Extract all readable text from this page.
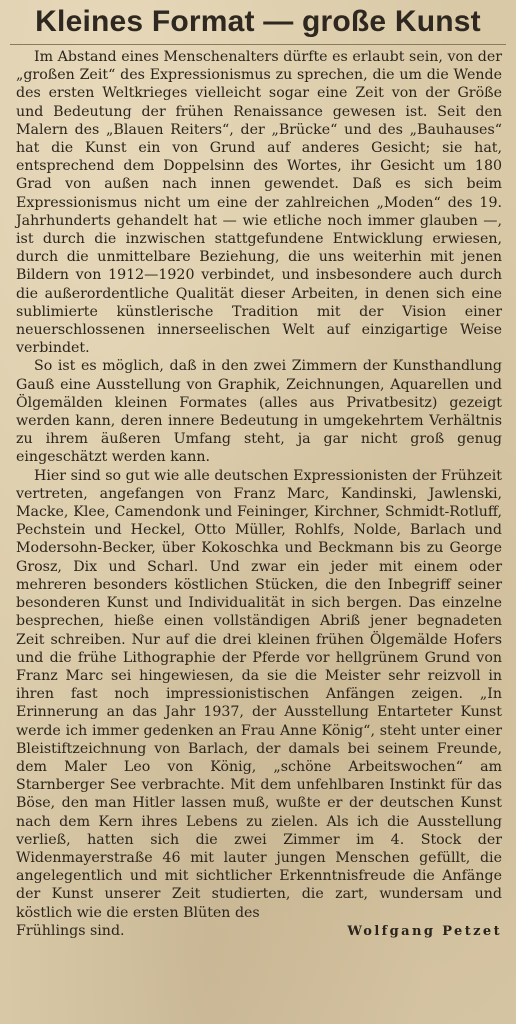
Kleines Format — große Kunst

Im Abstand eines Menschenalters dürfte es erlaubt sein, von der „großen Zeit“ des Expressionismus zu sprechen, die um die Wende des ersten Weltkrieges vielleicht sogar eine Zeit von der Größe und Bedeutung der frühen Renaissance gewesen ist. Seit den Malern des „Blauen Reiters“, der „Brücke“ und des „Bauhauses“ hat die Kunst ein von Grund auf anderes Gesicht; sie hat, entsprechend dem Doppelsinn des Wortes, ihr Gesicht um 180 Grad von außen nach innen gewendet. Daß es sich beim Expressionismus nicht um eine der zahlreichen „Moden“ des 19. Jahrhunderts gehandelt hat — wie etliche noch immer glauben —, ist durch die inzwischen stattgefundene Entwicklung erwiesen, durch die unmittelbare Beziehung, die uns weiterhin mit jenen Bildern von 1912—1920 verbindet, und insbesondere auch durch die außerordentliche Qualität dieser Arbeiten, in denen sich eine sublimierte künstlerische Tradition mit der Vision einer neuerschlossenen innerseelischen Welt auf einzigartige Weise verbindet.

So ist es möglich, daß in den zwei Zimmern der Kunsthandlung Gauß eine Ausstellung von Graphik, Zeichnungen, Aquarellen und Ölgemälden kleinen Formates (alles aus Privatbesitz) gezeigt werden kann, deren innere Bedeutung in umgekehrtem Verhältnis zu ihrem äußeren Umfang steht, ja gar nicht groß genug eingeschätzt werden kann.

Hier sind so gut wie alle deutschen Expressionisten der Frühzeit vertreten, angefangen von Franz Marc, Kandinski, Jawlenski, Macke, Klee, Camendonk und Feininger, Kirchner, Schmidt-Rotluff, Pechstein und Heckel, Otto Müller, Rohlfs, Nolde, Barlach und Modersohn-Becker, über Kokoschka und Beckmann bis zu George Grosz, Dix und Scharl. Und zwar ein jeder mit einem oder mehreren besonders köstlichen Stücken, die den Inbegriff seiner besonderen Kunst und Individualität in sich bergen. Das einzelne besprechen, hieße einen vollständigen Abriß jener begnadeten Zeit schreiben. Nur auf die drei kleinen frühen Ölgemälde Hofers und die frühe Lithographie der Pferde vor hellgrünem Grund von Franz Marc sei hingewiesen, da sie die Meister sehr reizvoll in ihren fast noch impressionistischen Anfängen zeigen. „In Erinnerung an das Jahr 1937, der Ausstellung Entarteter Kunst werde ich immer gedenken an Frau Anne König“, steht unter einer Bleistiftzeichnung von Barlach, der damals bei seinem Freunde, dem Maler Leo von König, „schöne Arbeitswochen“ am Starnberger See verbrachte. Mit dem unfehlbaren Instinkt für das Böse, den man Hitler lassen muß, wußte er der deutschen Kunst nach dem Kern ihres Lebens zu zielen. Als ich die Ausstellung verließ, hatten sich die zwei Zimmer im 4. Stock der Widenmayerstraße 46 mit lauter jungen Menschen gefüllt, die angelegentlich und mit sichtlicher Erkenntnisfreude die Anfänge der Kunst unserer Zeit studierten, die zart, wundersam und köstlich wie die ersten Blüten des

Frühlings sind.	Wolfgang Petzet
